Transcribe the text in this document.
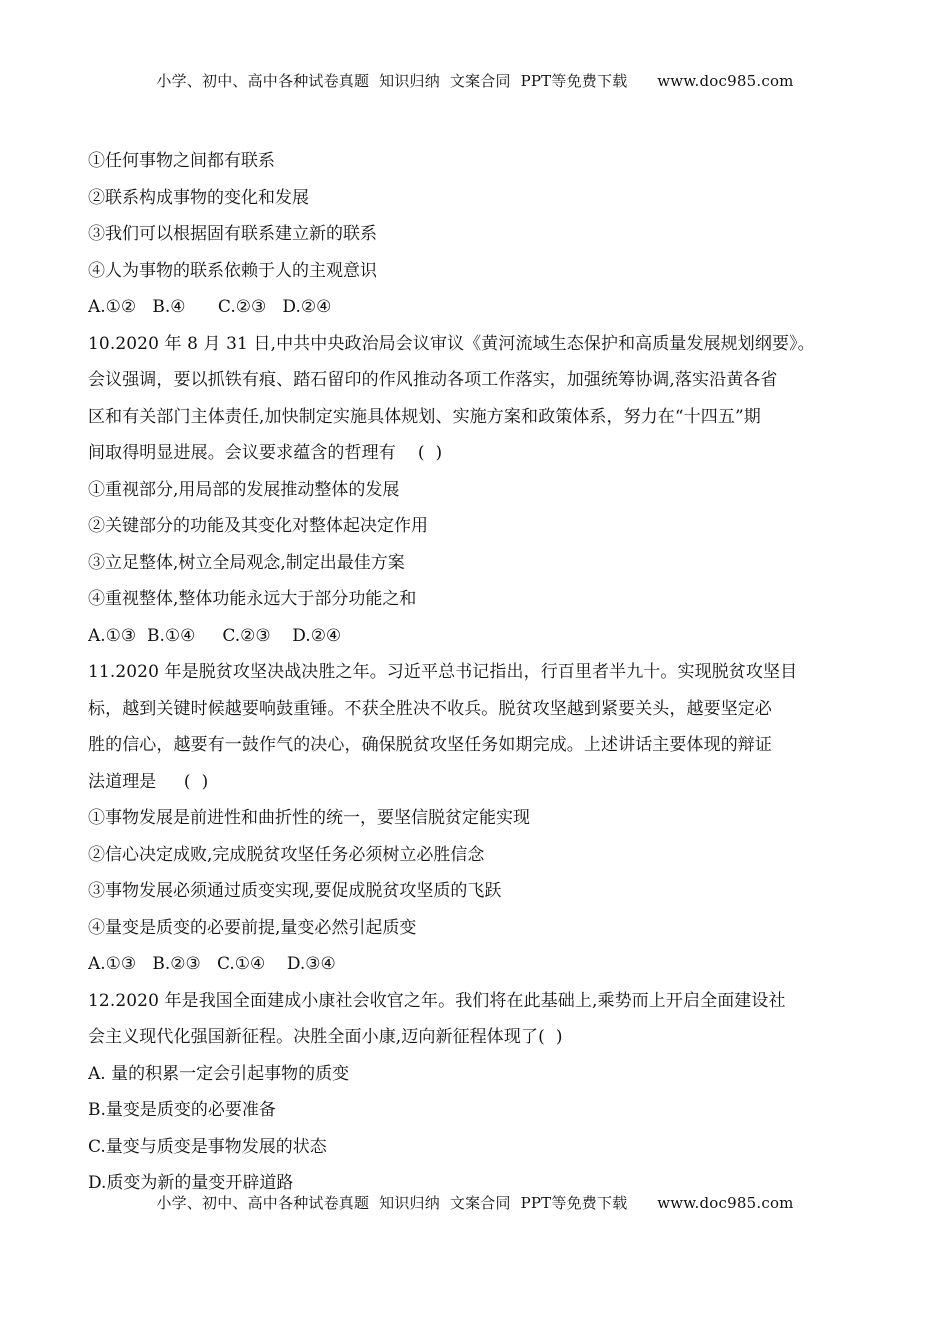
小学、初中、高中各种试卷真题  知识归纳  文案合同  PPT等免费下载      www.doc985.com
①任何事物之间都有联系
②联系构成事物的变化和发展
③我们可以根据固有联系建立新的联系
④人为事物的联系依赖于人的主观意识
A.①②   B.④      C.②③   D.②④
10.2020 年 8 月 31 日,中共中央政治局会议审议《黄河流域生态保护和高质量发展规划纲要》。
会议强调，要以抓铁有痕、踏石留印的作风推动各项工作落实，加强统筹协调,落实沿黄各省
区和有关部门主体责任,加快制定实施具体规划、实施方案和政策体系，努力在“十四五”期
间取得明显进展。会议要求蕴含的哲理有    (  )
①重视部分,用局部的发展推动整体的发展
②关键部分的功能及其变化对整体起决定作用
③立足整体,树立全局观念,制定出最佳方案
④重视整体,整体功能永远大于部分功能之和
A.①③  B.①④     C.②③    D.②④
11.2020 年是脱贫攻坚决战决胜之年。习近平总书记指出，行百里者半九十。实现脱贫攻坚目
标，越到关键时候越要响鼓重锤。不获全胜决不收兵。脱贫攻坚越到紧要关头，越要坚定必
胜的信心，越要有一鼓作气的决心，确保脱贫攻坚任务如期完成。上述讲话主要体现的辩证
法道理是     (  )
①事物发展是前进性和曲折性的统一，要坚信脱贫定能实现
②信心决定成败,完成脱贫攻坚任务必须树立必胜信念
③事物发展必须通过质变实现,要促成脱贫攻坚质的飞跃
④量变是质变的必要前提,量变必然引起质变
A.①③   B.②③   C.①④    D.③④
12.2020 年是我国全面建成小康社会收官之年。我们将在此基础上,乘势而上开启全面建设社
会主义现代化强国新征程。决胜全面小康,迈向新征程体现了(  )
A. 量的积累一定会引起事物的质变
B.量变是质变的必要准备
C.量变与质变是事物发展的状态
D.质变为新的量变开辟道路
小学、初中、高中各种试卷真题  知识归纳  文案合同  PPT等免费下载      www.doc985.com
